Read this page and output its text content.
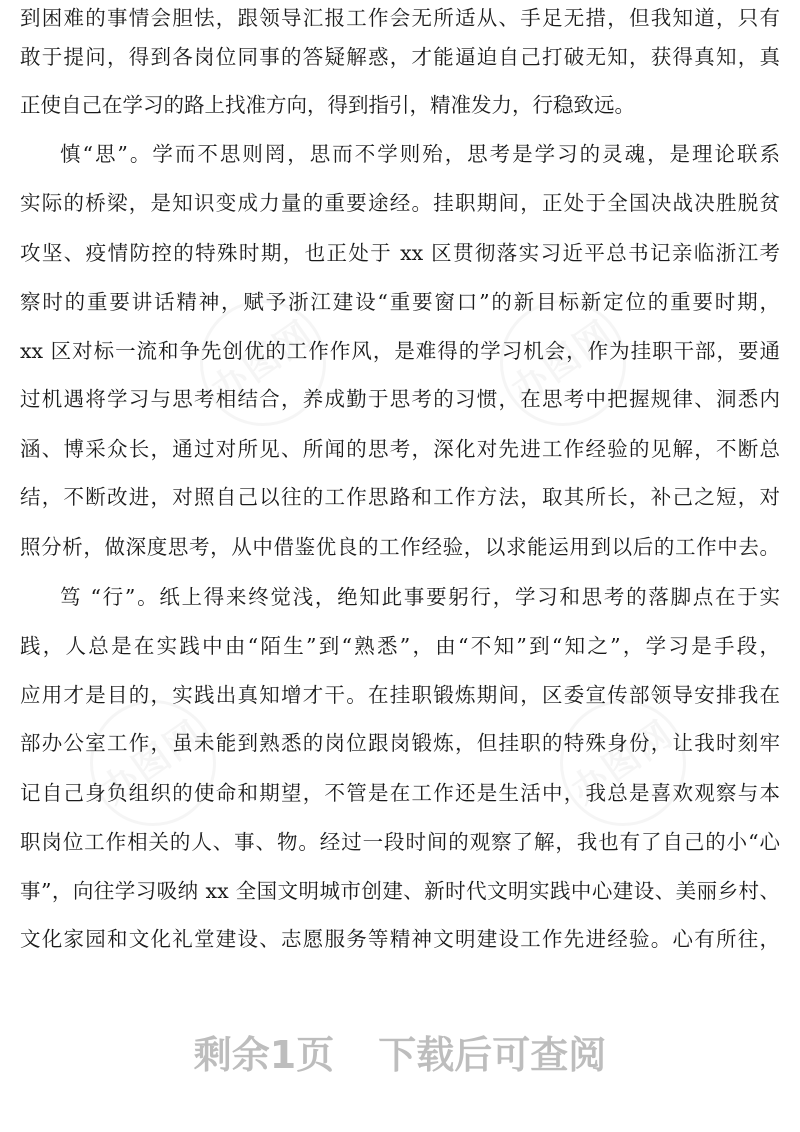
办图网	办图网
办图网	办图网
到困难的事情会胆怯，跟领导汇报工作会无所适从、手足无措，但我知道，只有
敢于提问，得到各岗位同事的答疑解惑，才能逼迫自己打破无知，获得真知，真
正使自己在学习的路上找准方向，得到指引，精准发力，行稳致远。
慎“思”。学而不思则罔，思而不学则殆，思考是学习的灵魂，是理论联系
实际的桥梁，是知识变成力量的重要途经。挂职期间，正处于全国决战决胜脱贫
攻坚、疫情防控的特殊时期，也正处于 xx 区贯彻落实习近平总书记亲临浙江考
察时的重要讲话精神，赋予浙江建设“重要窗口”的新目标新定位的重要时期，
xx 区对标一流和争先创优的工作作风，是难得的学习机会，作为挂职干部，要通
过机遇将学习与思考相结合，养成勤于思考的习惯，在思考中把握规律、洞悉内
涵、博采众长，通过对所见、所闻的思考，深化对先进工作经验的见解，不断总
结，不断改进，对照自己以往的工作思路和工作方法，取其所长，补己之短，对
照分析，做深度思考，从中借鉴优良的工作经验，以求能运用到以后的工作中去。
笃 “行”。纸上得来终觉浅，绝知此事要躬行，学习和思考的落脚点在于实
践，人总是在实践中由“陌生”到“熟悉”，由“不知”到“知之”，学习是手段，
应用才是目的，实践出真知增才干。在挂职锻炼期间，区委宣传部领导安排我在
部办公室工作，虽未能到熟悉的岗位跟岗锻炼，但挂职的特殊身份，让我时刻牢
记自己身负组织的使命和期望，不管是在工作还是生活中，我总是喜欢观察与本
职岗位工作相关的人、事、物。经过一段时间的观察了解，我也有了自己的小“心
事”，向往学习吸纳 xx 全国文明城市创建、新时代文明实践中心建设、美丽乡村、
文化家园和文化礼堂建设、志愿服务等精神文明建设工作先进经验。心有所往，
剩余1页 下载后可查阅
